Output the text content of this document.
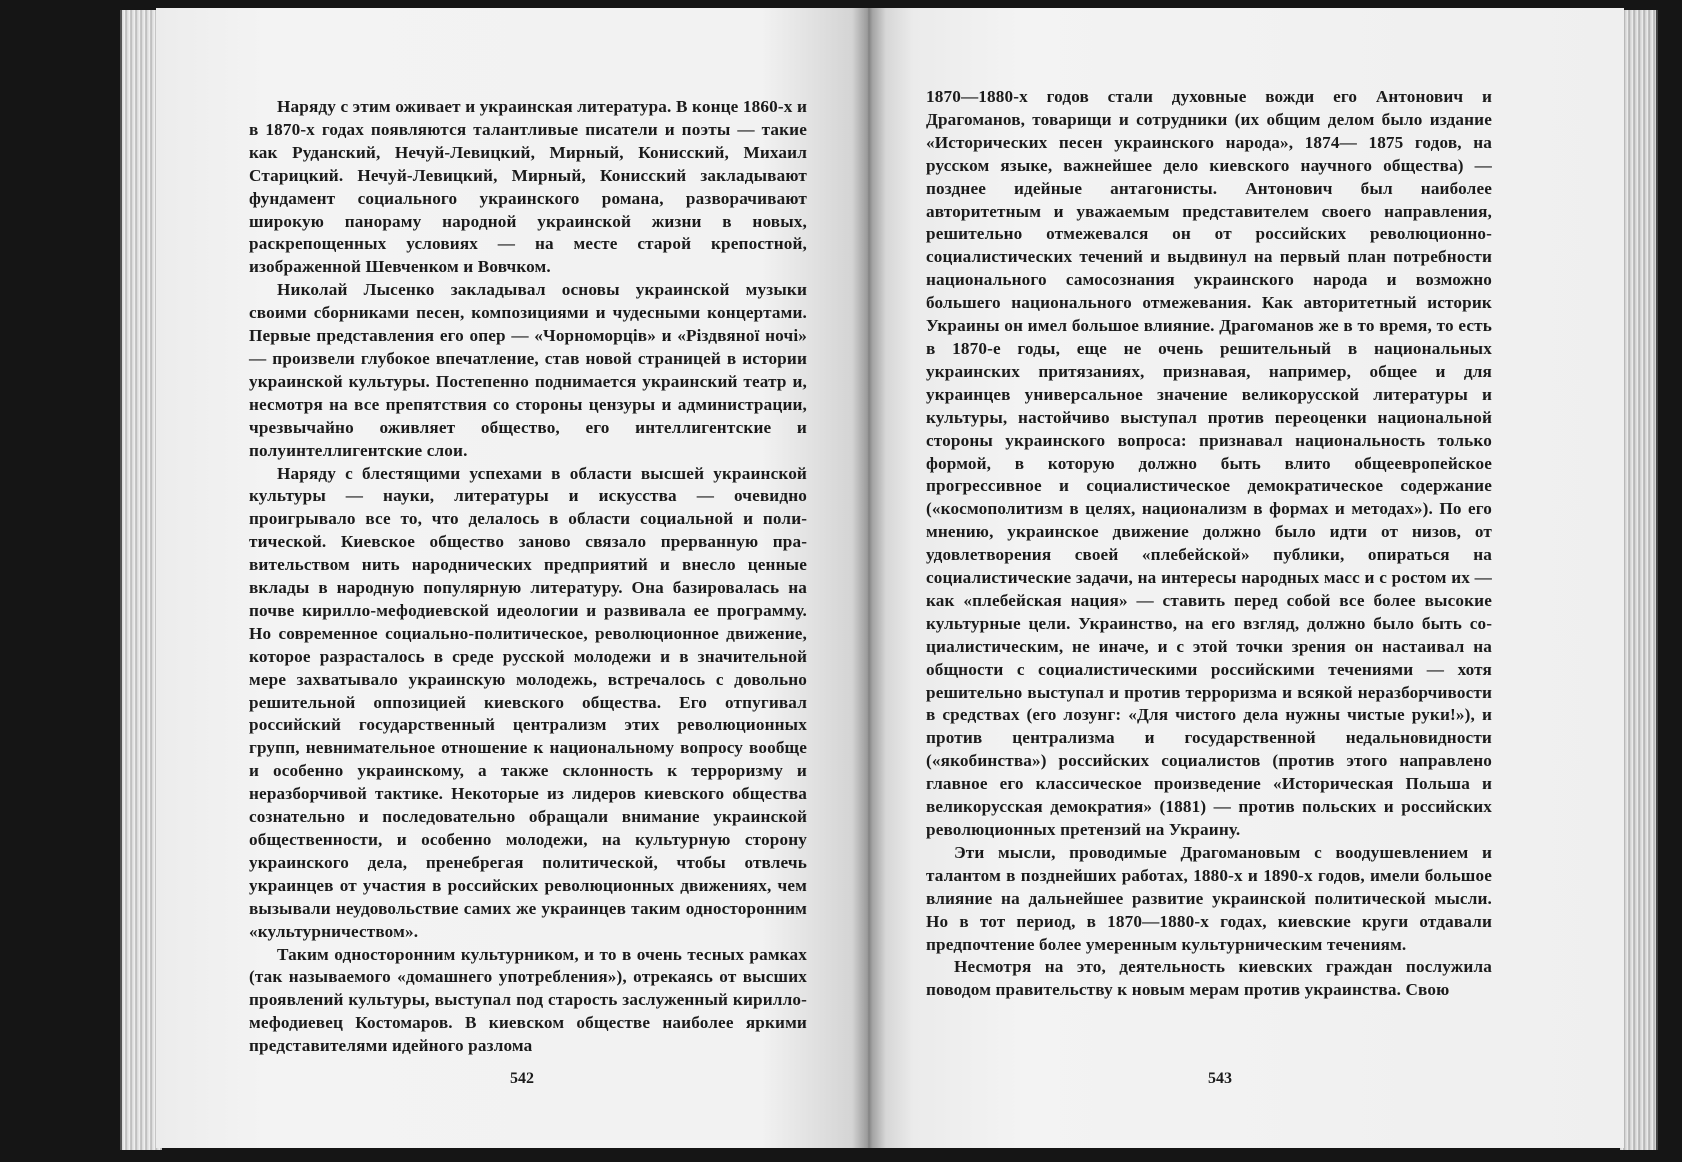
Наряду с этим оживает и украинская литература. В конце 1860-х и в 1870-х годах появляются талантливые писатели и поэты — такие как Руданский, Нечуй-Левицкий, Мирный, Конисский, Михаил Старицкий. Нечуй-Левицкий, Мирный, Конисский закладывают фундамент социального украинского романа, разворачивают широкую панораму народной украинской жизни в новых, раскрепощенных условиях — на месте старой крепостной, изображенной Шевченком и Вовчком.

Николай Лысенко закладывал основы украинской музыки своими сборниками песен, композициями и чудесными концертами. Первые представления его опер — «Чорноморців» и «Різдвяної ночі» — произвели глубокое впечатление, став новой страницей в истории украинской культуры. Постепенно поднимается украинский театр и, несмотря на все препятствия со стороны цензуры и администрации, чрезвычайно оживляет общество, его интеллигентские и полуинтеллигентские слои.

Наряду с блестящими успехами в области высшей украинской культуры — науки, литературы и искусства — очевидно проигрывало все то, что делалось в области социальной и политической. Киевское общество заново связало прерванную правительством нить народнических предприятий и внесло ценные вклады в народную популярную литературу. Она базировалась на почве кирилло-мефодиевской идеологии и развивала ее программу. Но современное социально-политическое, революционное движение, которое разрасталось в среде русской молодежи и в значительной мере захватывало украинскую молодежь, встречалось с довольно решительной оппозицией киевского общества. Его отпугивал российский государственный централизм этих революционных групп, невнимательное отношение к национальному вопросу вообще и особенно украинскому, а также склонность к терроризму и неразборчивой тактике. Некоторые из лидеров киевского общества сознательно и последовательно обращали внимание украинской общественности, и особенно молодежи, на культурную сторону украинского дела, пренебрегая политической, чтобы отвлечь украинцев от участия в российских революционных движениях, чем вызывали неудовольствие самих же украинцев таким односторонним «культурничеством».

Таким односторонним культурником, и то в очень тесных рамках (так называемого «домашнего употребления»), отрекаясь от высших проявлений культуры, выступал под старость заслуженный кирилло-мефодиевец Костомаров. В киевском обществе наиболее яркими представителями идейного разлома

542

1870—1880-х годов стали духовные вожди его Антонович и Драгоманов, товарищи и сотрудники (их общим делом было издание «Исторических песен украинского народа», 1874— 1875 годов, на русском языке, важнейшее дело киевского научного общества) — позднее идейные антагонисты. Антонович был наиболее авторитетным и уважаемым представителем своего направления, решительно отмежевался он от российских революционно-социалистических течений и выдвинул на первый план потребности национального самосознания украинского народа и возможно большего национального отмежевания. Как авторитетный историк Украины он имел большое влияние. Драгоманов же в то время, то есть в 1870-е годы, еще не очень решительный в национальных украинских притязаниях, признавая, например, общее и для украинцев универсальное значение великорусской литературы и культуры, настойчиво выступал против переоценки национальной стороны украинского вопроса: признавал национальность только формой, в которую должно быть влито общеевропейское прогрессивное и социалистическое демократическое содержание («космополитизм в целях, национализм в формах и методах»). По его мнению, украинское движение должно было идти от низов, от удовлетворения своей «плебейской» публики, опираться на социалистические задачи, на интересы народных масс и с ростом их — как «плебейская нация» — ставить перед собой все более высокие культурные цели. Украинство, на его взгляд, должно было быть социалистическим, не иначе, и с этой точки зрения он настаивал на общности с социалистическими российскими течениями — хотя решительно выступал и против терроризма и всякой неразборчивости в средствах (его лозунг: «Для чистого дела нужны чистые руки!»), и против централизма и государственной недальновидности («якобинства») российских социалистов (против этого направлено главное его классическое произведение «Историческая Польша и великорусская демократия» (1881) — против польских и российских революционных претензий на Украину.

Эти мысли, проводимые Драгомановым с воодушевлением и талантом в позднейших работах, 1880-х и 1890-х годов, имели большое влияние на дальнейшее развитие украинской политической мысли. Но в тот период, в 1870—1880-х годах, киевские круги отдавали предпочтение более умеренным культурническим течениям.

Несмотря на это, деятельность киевских граждан послужила поводом правительству к новым мерам против украинства. Свою

543
